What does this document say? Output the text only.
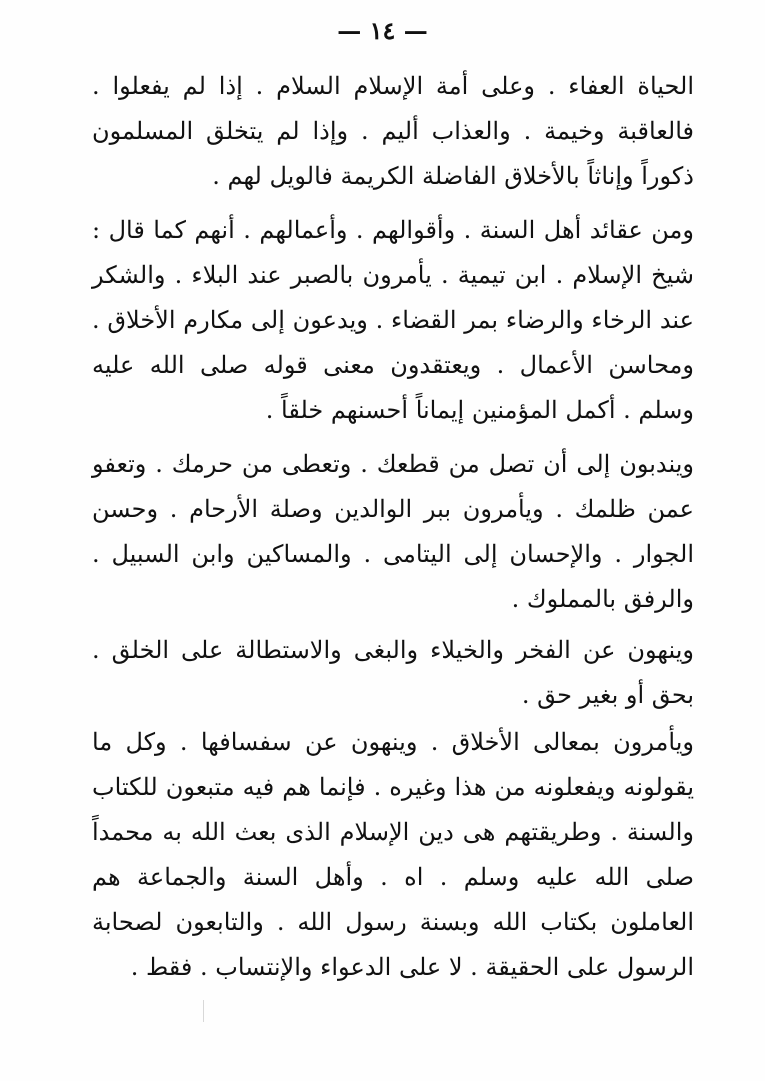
— ١٤ —

الحياة العفاء . وعلى أمة الإسلام السلام . إذا لم يفعلوا . فالعاقبة وخيمة . والعذاب أليم . وإذا لم يتخلق المسلمون ذكوراً وإناثاً بالأخلاق الفاضلة الكريمة فالويل لهم .

ومن عقائد أهل السنة . وأقوالهم . وأعمالهم . أنهم كما قال : شيخ الإسلام . ابن تيمية . يأمرون بالصبر عند البلاء . والشكر عند الرخاء والرضاء بمر القضاء . ويدعون إلى مكارم الأخلاق . ومحاسن الأعمال . ويعتقدون معنى قوله صلى الله عليه وسلم . أكمل المؤمنين إيماناً أحسنهم خلقاً .

ويندبون إلى أن تصل من قطعك . وتعطى من حرمك . وتعفو عمن ظلمك . ويأمرون ببر الوالدين وصلة الأرحام . وحسن الجوار . والإحسان إلى اليتامى . والمساكين وابن السبيل . والرفق بالمملوك .

وينهون عن الفخر والخيلاء والبغى والاستطالة على الخلق . بحق أو بغير حق .

ويأمرون بمعالى الأخلاق . وينهون عن سفسافها . وكل ما يقولونه ويفعلونه من هذا وغيره . فإنما هم فيه متبعون للكتاب والسنة . وطريقتهم هى دين الإسلام الذى بعث الله به محمداً صلى الله عليه وسلم . اه . وأهل السنة والجماعة هم العاملون بكتاب الله وبسنة رسول الله . والتابعون لصحابة الرسول على الحقيقة . لا على الدعواء والإنتساب . فقط .
